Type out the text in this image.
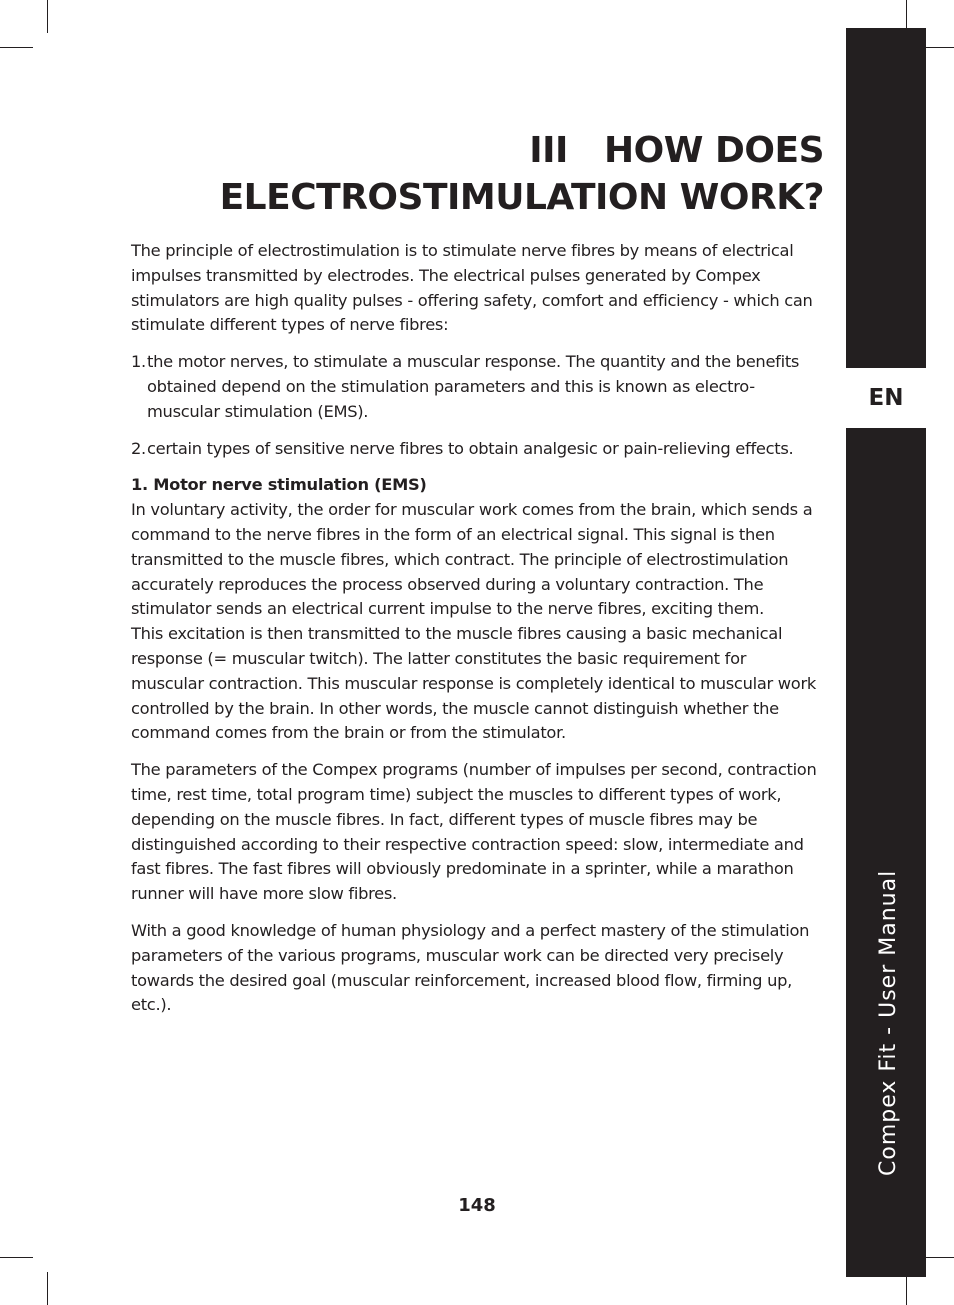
EN
Compex Fit - User Manual
III HOW DOES
ELECTROSTIMULATION WORK?

The principle of electrostimulation is to stimulate nerve fibres by means of electrical impulses transmitted by electrodes. The electrical pulses generated by Compex stimulators are high quality pulses - offering safety, comfort and efficiency - which can stimulate different types of nerve fibres:

1.the motor nerves, to stimulate a muscular response. The quantity and the benefits obtained depend on the stimulation parameters and this is known as electro-muscular stimulation (EMS).
2.certain types of sensitive nerve fibres to obtain analgesic or pain-relieving effects.
1. Motor nerve stimulation (EMS)

In voluntary activity, the order for muscular work comes from the brain, which sends a command to the nerve fibres in the form of an electrical signal. This signal is then transmitted to the muscle fibres, which contract. The principle of electrostimulation accurately reproduces the process observed during a voluntary contraction. The stimulator sends an electrical current impulse to the nerve fibres, exciting them.

This excitation is then transmitted to the muscle fibres causing a basic mechanical response (= muscular twitch). The latter constitutes the basic requirement for muscular contraction. This muscular response is completely identical to muscular work controlled by the brain. In other words, the muscle cannot distinguish whether the command comes from the brain or from the stimulator.

The parameters of the Compex programs (number of impulses per second, contraction time, rest time, total program time) subject the muscles to different types of work, depending on the muscle fibres. In fact, different types of muscle fibres may be distinguished according to their respective contraction speed: slow, intermediate and fast fibres. The fast fibres will obviously predominate in a sprinter, while a marathon runner will have more slow fibres.

With a good knowledge of human physiology and a perfect mastery of the stimulation parameters of the various programs, muscular work can be directed very precisely towards the desired goal (muscular reinforcement, increased blood flow, firming up, etc.).

148
